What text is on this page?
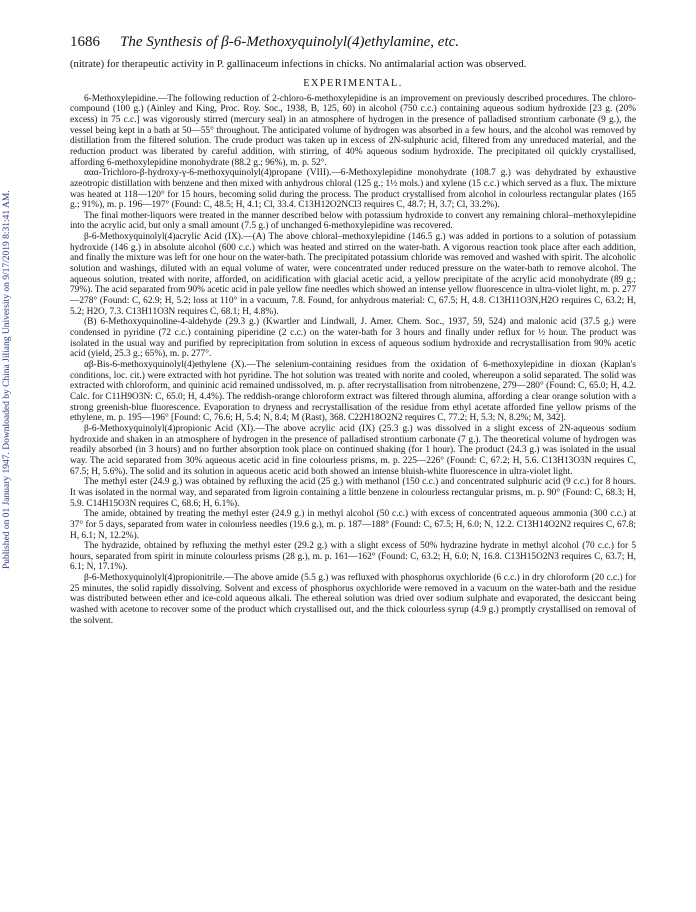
Published on 01 January 1947. Downloaded by China Jiliang University on 9/17/2019 8:31:41 AM.
1686 The Synthesis of β-6-Methoxyquinolyl(4)ethylamine, etc.

(nitrate) for therapeutic activity in P. gallinaceum infections in chicks. No antimalarial action was observed.

EXPERIMENTAL.

6-Methoxylepidine.—The following reduction of 2-chloro-6-methoxylepidine is an improvement on previously described procedures. The chloro-compound (100 g.) (Ainley and King, Proc. Roy. Soc., 1938, B, 125, 60) in alcohol (750 c.c.) containing aqueous sodium hydroxide [23 g. (20% excess) in 75 c.c.] was vigorously stirred (mercury seal) in an atmosphere of hydrogen in the presence of palladised strontium carbonate (9 g.), the vessel being kept in a bath at 50—55° throughout. The anticipated volume of hydrogen was absorbed in a few hours, and the alcohol was removed by distillation from the filtered solution. The crude product was taken up in excess of 2N-sulphuric acid, filtered from any unreduced material, and the reduction product was liberated by careful addition, with stirring, of 40% aqueous sodium hydroxide. The precipitated oil quickly crystallised, affording 6-methoxylepidine monohydrate (88.2 g.; 96%), m. p. 52°.

ααα-Trichloro-β-hydroxy-γ-6-methoxyquinolyl(4)propane (VIII).—6-Methoxylepidine monohydrate (108.7 g.) was dehydrated by exhaustive azeotropic distillation with benzene and then mixed with anhydrous chloral (125 g.; 1½ mols.) and xylene (15 c.c.) which served as a flux. The mixture was heated at 118—120° for 15 hours, becoming solid during the process. The product crystallised from alcohol in colourless rectangular plates (165 g.; 91%), m. p. 196—197° (Found: C, 48.5; H, 4.1; Cl, 33.4. C13H12O2NCl3 requires C, 48.7; H, 3.7; Cl, 33.2%).

The final mother-liquors were treated in the manner described below with potassium hydroxide to convert any remaining chloral–methoxylepidine into the acrylic acid, but only a small amount (7.5 g.) of unchanged 6-methoxylepidine was recovered.

β-6-Methoxyquinolyl(4)acrylic Acid (IX).—(A) The above chloral–methoxylepidine (146.5 g.) was added in portions to a solution of potassium hydroxide (146 g.) in absolute alcohol (600 c.c.) which was heated and stirred on the water-bath. A vigorous reaction took place after each addition, and finally the mixture was left for one hour on the water-bath. The precipitated potassium chloride was removed and washed with spirit. The alcoholic solution and washings, diluted with an equal volume of water, were concentrated under reduced pressure on the water-bath to remove alcohol. The aqueous solution, treated with norite, afforded, on acidification with glacial acetic acid, a yellow precipitate of the acrylic acid monohydrate (89 g.; 79%). The acid separated from 90% acetic acid in pale yellow fine needles which showed an intense yellow fluorescence in ultra-violet light, m. p. 277—278° (Found: C, 62.9; H, 5.2; loss at 110° in a vacuum, 7.8. Found, for anhydrous material: C, 67.5; H, 4.8. C13H11O3N,H2O requires C, 63.2; H, 5.2; H2O, 7.3. C13H11O3N requires C, 68.1; H, 4.8%).

(B) 6-Methoxyquinoline-4-aldehyde (29.3 g.) (Kwartler and Lindwall, J. Amer. Chem. Soc., 1937, 59, 524) and malonic acid (37.5 g.) were condensed in pyridine (72 c.c.) containing piperidine (2 c.c.) on the water-bath for 3 hours and finally under reflux for ½ hour. The product was isolated in the usual way and purified by reprecipitation from solution in excess of aqueous sodium hydroxide and recrystallisation from 90% acetic acid (yield, 25.3 g.; 65%), m. p. 277°.

αβ-Bis-6-methoxyquinolyl(4)ethylene (X).—The selenium-containing residues from the oxidation of 6-methoxylepidine in dioxan (Kaplan's conditions, loc. cit.) were extracted with hot pyridine. The hot solution was treated with norite and cooled, whereupon a solid separated. The solid was extracted with chloroform, and quininic acid remained undissolved, m. p. after recrystallisation from nitrobenzene, 279—280° (Found: C, 65.0; H, 4.2. Calc. for C11H9O3N: C, 65.0; H, 4.4%). The reddish-orange chloroform extract was filtered through alumina, affording a clear orange solution with a strong greenish-blue fluorescence. Evaporation to dryness and recrystallisation of the residue from ethyl acetate afforded fine yellow prisms of the ethylene, m. p. 195—196° [Found: C, 76.6; H, 5.4; N, 8.4; M (Rast), 368. C22H18O2N2 requires C, 77.2; H, 5.3; N, 8.2%; M, 342].

β-6-Methoxyquinolyl(4)propionic Acid (XI).—The above acrylic acid (IX) (25.3 g.) was dissolved in a slight excess of 2N-aqueous sodium hydroxide and shaken in an atmosphere of hydrogen in the presence of palladised strontium carbonate (7 g.). The theoretical volume of hydrogen was readily absorbed (in 3 hours) and no further absorption took place on continued shaking (for 1 hour). The product (24.3 g.) was isolated in the usual way. The acid separated from 30% aqueous acetic acid in fine colourless prisms, m. p. 225—226° (Found: C, 67.2; H, 5.6. C13H13O3N requires C, 67.5; H, 5.6%). The solid and its solution in aqueous acetic acid both showed an intense bluish-white fluorescence in ultra-violet light.

The methyl ester (24.9 g.) was obtained by refluxing the acid (25 g.) with methanol (150 c.c.) and concentrated sulphuric acid (9 c.c.) for 8 hours. It was isolated in the normal way, and separated from ligroin containing a little benzene in colourless rectangular prisms, m. p. 90° (Found: C, 68.3; H, 5.9. C14H15O3N requires C, 68.6; H, 6.1%).

The amide, obtained by treating the methyl ester (24.9 g.) in methyl alcohol (50 c.c.) with excess of concentrated aqueous ammonia (300 c.c.) at 37° for 5 days, separated from water in colourless needles (19.6 g.), m. p. 187—188° (Found: C, 67.5; H, 6.0; N, 12.2. C13H14O2N2 requires C, 67.8; H, 6.1; N, 12.2%).

The hydrazide, obtained by refluxing the methyl ester (29.2 g.) with a slight excess of 50% hydrazine hydrate in methyl alcohol (70 c.c.) for 5 hours, separated from spirit in minute colourless prisms (28 g.), m. p. 161—162° (Found: C, 63.2; H, 6.0; N, 16.8. C13H15O2N3 requires C, 63.7; H, 6.1; N, 17.1%).

β-6-Methoxyquinolyl(4)propionitrile.—The above amide (5.5 g.) was refluxed with phosphorus oxychloride (6 c.c.) in dry chloroform (20 c.c.) for 25 minutes, the solid rapidly dissolving. Solvent and excess of phosphorus oxychloride were removed in a vacuum on the water-bath and the residue was distributed between ether and ice-cold aqueous alkali. The ethereal solution was dried over sodium sulphate and evaporated, the desiccant being washed with acetone to recover some of the product which crystallised out, and the thick colourless syrup (4.9 g.) promptly crystallised on removal of the solvent.
